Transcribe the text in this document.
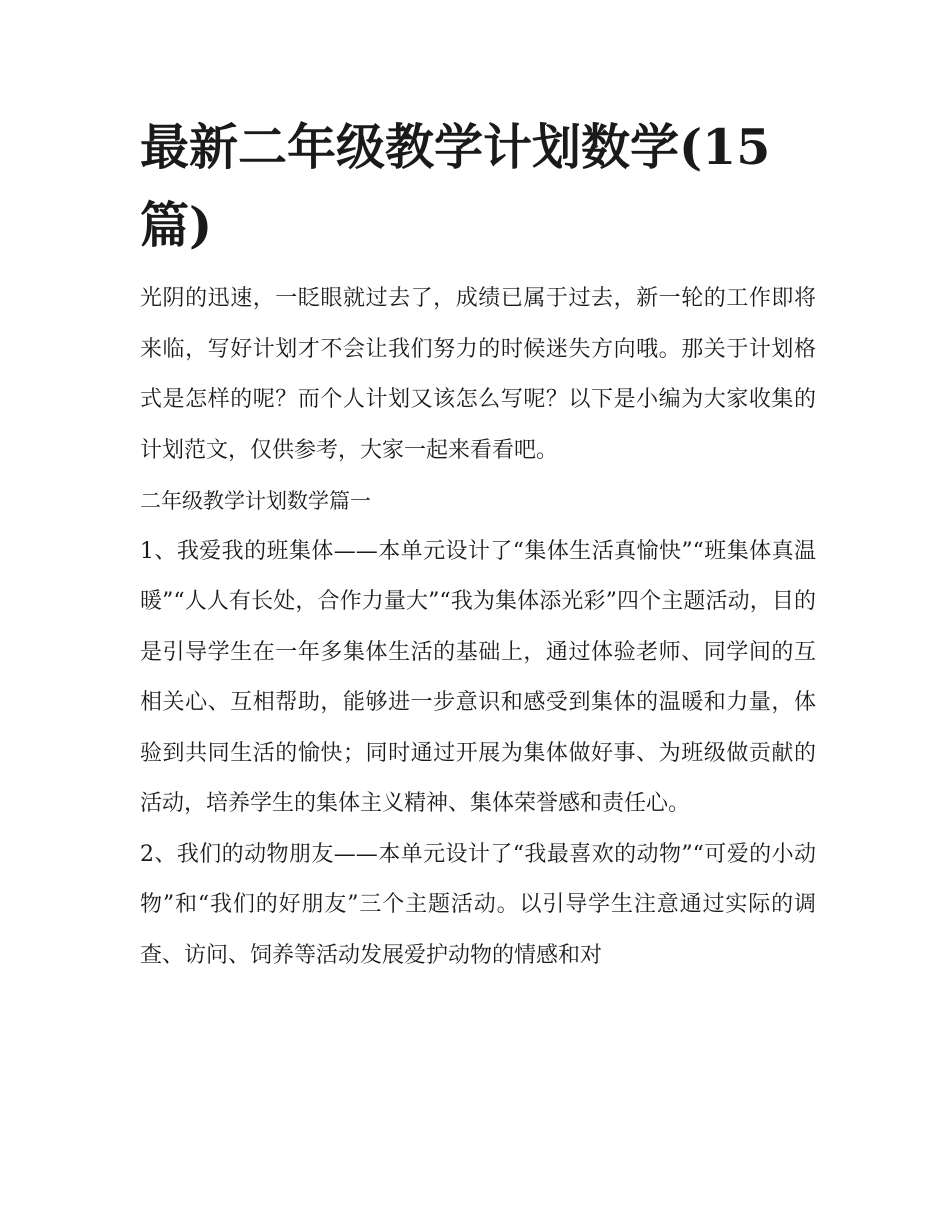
最新二年级教学计划数学(15篇)

光阴的迅速，一眨眼就过去了，成绩已属于过去，新一轮的工作即将来临，写好计划才不会让我们努力的时候迷失方向哦。那关于计划格式是怎样的呢？而个人计划又该怎么写呢？以下是小编为大家收集的计划范文，仅供参考，大家一起来看看吧。

二年级教学计划数学篇一

1、我爱我的班集体——本单元设计了“集体生活真愉快”“班集体真温暖”“人人有长处，合作力量大”“我为集体添光彩”四个主题活动，目的是引导学生在一年多集体生活的基础上，通过体验老师、同学间的互相关心、互相帮助，能够进一步意识和感受到集体的温暖和力量，体验到共同生活的愉快；同时通过开展为集体做好事、为班级做贡献的活动，培养学生的集体主义精神、集体荣誉感和责任心。

2、我们的动物朋友——本单元设计了“我最喜欢的动物”“可爱的小动物”和“我们的好朋友”三个主题活动。以引导学生注意通过实际的调查、访问、饲养等活动发展爱护动物的情感和对
